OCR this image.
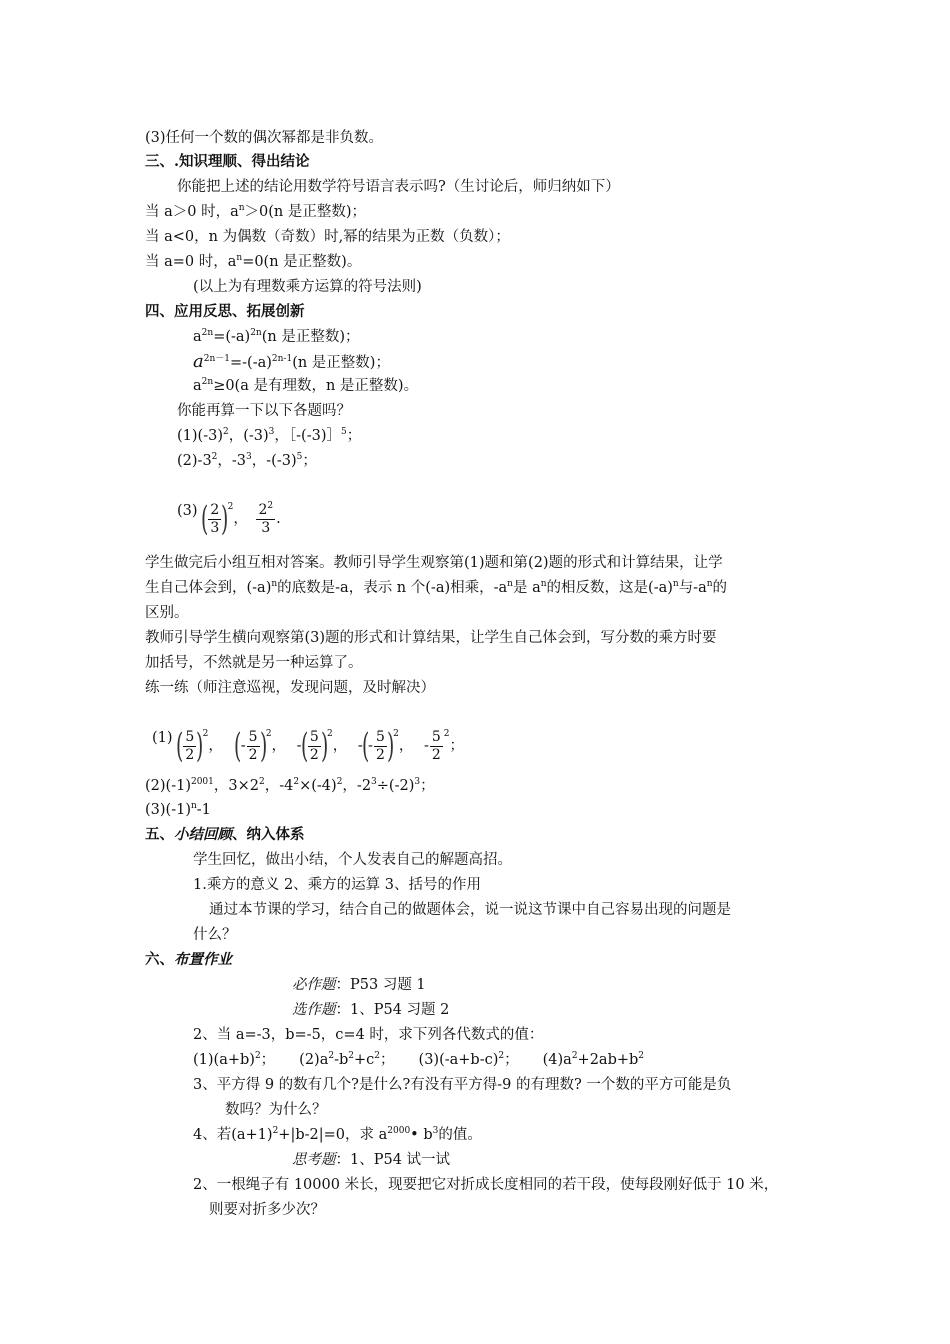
(3)任何一个数的偶次幂都是非负数。
三、.知识理顺、得出结论
你能把上述的结论用数学符号语言表示吗?（生讨论后，师归纳如下）
当 a＞0 时，$a^n>0(n$ 是正整数)；
当 a<0，n 为偶数（奇数）时,幂的结果为正数（负数）；
当 a=0 时，$a^n=0(n$ 是正整数)。
(以上为有理数乘方运算的符号法则)
四、应用反思、拓展创新
$a^{2n}=(-a)^{2n}(n$ 是正整数)；
$a^{2n-1}=-(-a)^{2n-1}(n$ 是正整数)；
$a^{2n}\ge 0(a$ 是有理数，n 是正整数)。
你能再算一下以下各题吗？
$(1)(-3)^2$，$(-3)^3$，［-(-3)］$^5$；
$(2)-3^2$，$-3^3$，$-(-3)^5$；
(3) ( $\frac{2}{3} )^2$， $\frac{2^2}{3}$ .
学生做完后小组互相对答案。教师引导学生观察第(1)题和第(2)题的形式和计算结果，让学
生自己体会到，$(-a)^n$的底数是-a，表示 n 个(-a)相乘，$-a^n$是 $a^n$的相反数，这是$(-a)^n$与$-a^n$的
区别。
教师引导学生横向观察第(3)题的形式和计算结果，让学生自己体会到，写分数的乘方时要
加括号，不然就是另一种运算了。
练一练（师注意巡视，发现问题，及时解决）
(1) ( $\frac{5}{2} )^2$， (- $\frac{5}{2} )^2$， -( $\frac{5}{2} )^2$， -(- $\frac{5}{2} )^2$， - $\frac{5}{2} ^2$；
$(2)(-1)^{2001}$，$3\times 2^2$，$-4^2\times(-4)^2$，$-2^3\div(-2)^3$；
$(3)(-1)^n-1$
五、小结回顾、纳入体系
学生回忆，做出小结，个人发表自己的解题高招。
1.乘方的意义 2、乘方的运算 3、括号的作用
通过本节课的学习，结合自己的做题体会，说一说这节课中自己容易出现的问题是
什么？
六、布置作业
必作题：P53 习题 1
选作题：1、P54 习题 2
2、当 a=-3，b=-5，c=4 时，求下列各代数式的值：
$(1)(a+b)^2$； $(2)a^2-b^2+c^2$； $(3)(-a+b-c)^2$； $(4)a^2+2ab+b^2$
3、平方得 9 的数有几个?是什么?有没有平方得-9 的有理数? 一个数的平方可能是负
数吗？为什么？
4、若$(a+1)^2+|b-2|=0$，求 $a^{2000}•$ $b^3$的值。
思考题：1、P54 试一试
2、一根绳子有 10000 米长，现要把它对折成长度相同的若干段，使每段刚好低于 10 米，
则要对折多少次？
